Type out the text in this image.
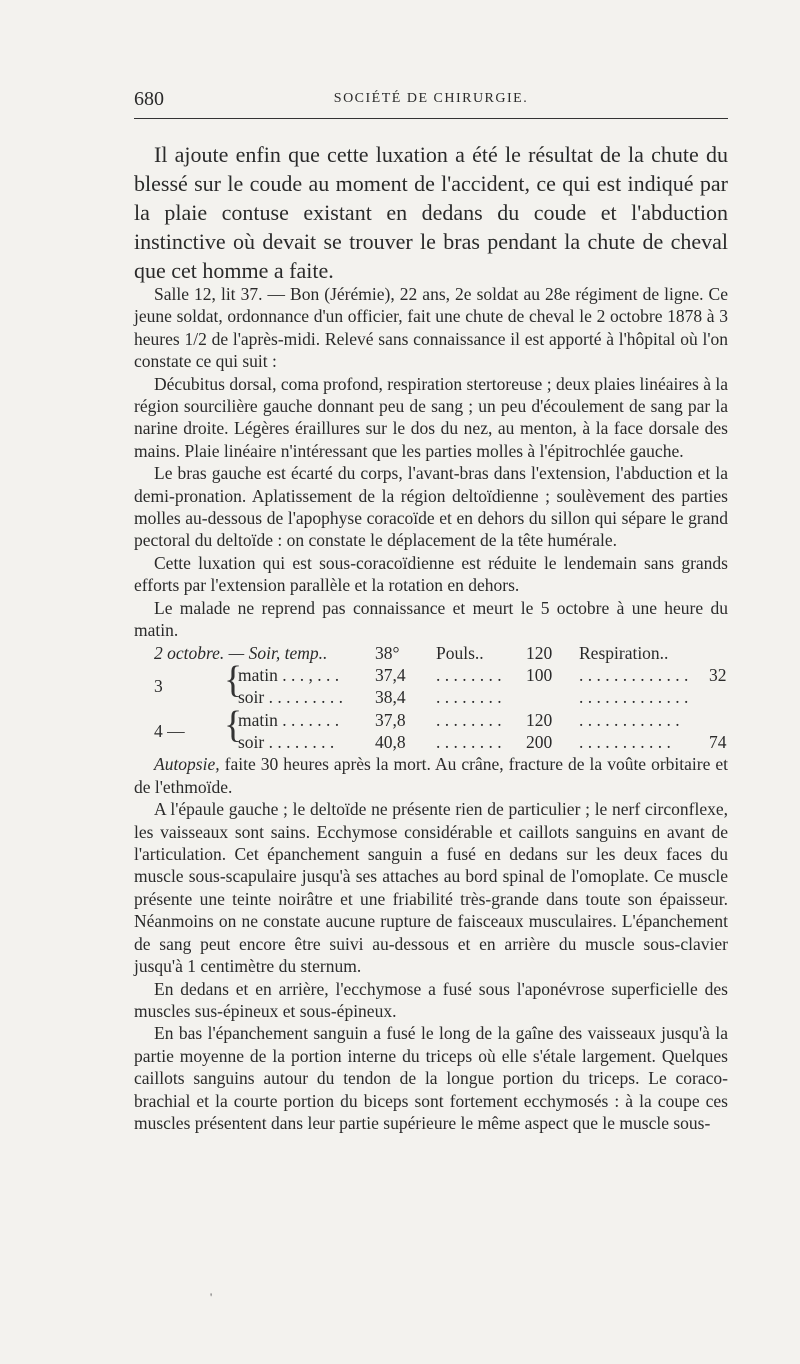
680	SOCIÉTÉ DE CHIRURGIE.

Il ajoute enfin que cette luxation a été le résultat de la chute du blessé sur le coude au moment de l'accident, ce qui est indiqué par la plaie contuse existant en dedans du coude et l'abduction instinctive où devait se trouver le bras pendant la chute de cheval que cet homme a faite.

Salle 12, lit 37. — Bon (Jérémie), 22 ans, 2e soldat au 28e régiment de ligne. Ce jeune soldat, ordonnance d'un officier, fait une chute de cheval le 2 octobre 1878 à 3 heures 1/2 de l'après-midi. Relevé sans connaissance il est apporté à l'hôpital où l'on constate ce qui suit :

Décubitus dorsal, coma profond, respiration stertoreuse ; deux plaies linéaires à la région sourcilière gauche donnant peu de sang ; un peu d'écoulement de sang par la narine droite. Légères éraillures sur le dos du nez, au menton, à la face dorsale des mains. Plaie linéaire n'intéressant que les parties molles à l'épitrochlée gauche.

Le bras gauche est écarté du corps, l'avant-bras dans l'extension, l'abduction et la demi-pronation. Aplatissement de la région deltoïdienne ; soulèvement des parties molles au-dessous de l'apophyse coracoïde et en dehors du sillon qui sépare le grand pectoral du deltoïde : on constate le déplacement de la tête humérale.

Cette luxation qui est sous-coracoïdienne est réduite le lendemain sans grands efforts par l'extension parallèle et la rotation en dehors.

Le malade ne reprend pas connaissance et meurt le 5 octobre à une heure du matin.

2 octobre. — Soir, temp..	38° Pouls.. 120 Respiration..
3 {
matin . . . , . . . 37,4 . . . . . . . . 100 . . . . . . . . . . . . . 32
soir . . . . . . . . . 38,4 . . . . . . . .	. . . . . . . . . . . . .
4 — {
matin . . . . . . . 37,8 . . . . . . . . 120 . . . . . . . . . . . .
soir . . . . . . . . 40,8 . . . . . . . . 200 . . . . . . . . . . . 74

Autopsie, faite 30 heures après la mort. Au crâne, fracture de la voûte orbitaire et de l'ethmoïde.

A l'épaule gauche ; le deltoïde ne présente rien de particulier ; le nerf circonflexe, les vaisseaux sont sains. Ecchymose considérable et caillots sanguins en avant de l'articulation. Cet épanchement sanguin a fusé en dedans sur les deux faces du muscle sous-scapulaire jusqu'à ses attaches au bord spinal de l'omoplate. Ce muscle présente une teinte noirâtre et une friabilité très-grande dans toute son épaisseur. Néanmoins on ne constate aucune rupture de faisceaux musculaires. L'épanchement de sang peut encore être suivi au-dessous et en arrière du muscle sous-clavier jusqu'à 1 centimètre du sternum.

En dedans et en arrière, l'ecchymose a fusé sous l'aponévrose superficielle des muscles sus-épineux et sous-épineux.

En bas l'épanchement sanguin a fusé le long de la gaîne des vaisseaux jusqu'à la partie moyenne de la portion interne du triceps où elle s'étale largement. Quelques caillots sanguins autour du tendon de la longue portion du triceps. Le coraco-brachial et la courte portion du biceps sont fortement ecchymosés : à la coupe ces muscles présentent dans leur partie supérieure le même aspect que le muscle sous-

'
